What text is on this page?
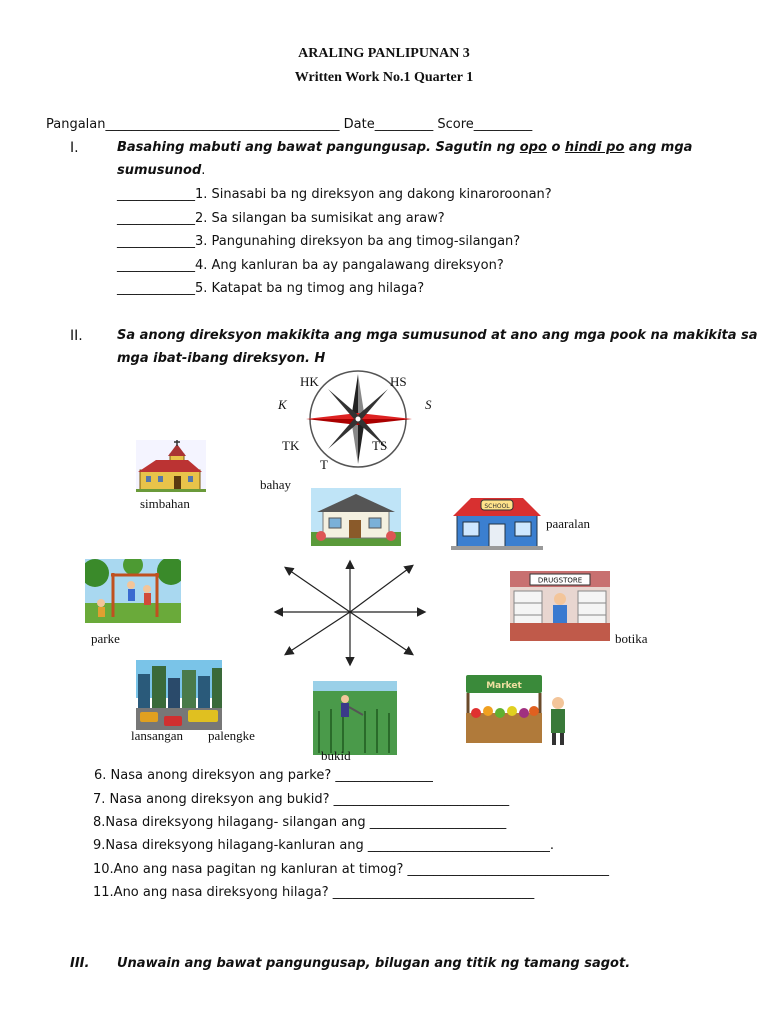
ARALING PANLIPUNAN 3
Written Work No.1 Quarter 1
Pangalan____________________________________ Date_________ Score_________
I.	Basahing mabuti ang bawat pangungusap. Sagutin ng opo o hindi po ang mga
sumusunod.
____________1. Sinasabi ba ng direksyon ang dakong kinaroroonan?
____________2. Sa silangan ba sumisikat ang araw?
____________3. Pangunahing direksyon ba ang timog-silangan?
____________4. Ang kanluran ba ay pangalawang direksyon?
____________5. Katapat ba ng timog ang hilaga?
II.	Sa anong direksyon makikita ang mga sumusunod at ano ang mga pook na makikita sa
mga ibat-ibang direksyon. H
HK	HS
K	S
TK	TS
T
simbahan
bahay
SCHOOL
paaralan
parke
DRUGSTORE
botika
lansangan palengke
bukid
Market
6. Nasa anong direksyon ang parke? _______________
7. Nasa anong direksyon ang bukid? ___________________________
8.Nasa direksyong hilagang- silangan ang _____________________
9.Nasa direksyong hilagang-kanluran ang ____________________________.
10.Ano ang nasa pagitan ng kanluran at timog? _______________________________
11.Ano ang nasa direksyong hilaga? _______________________________
III. Unawain ang bawat pangungusap, bilugan ang titik ng tamang sagot.
